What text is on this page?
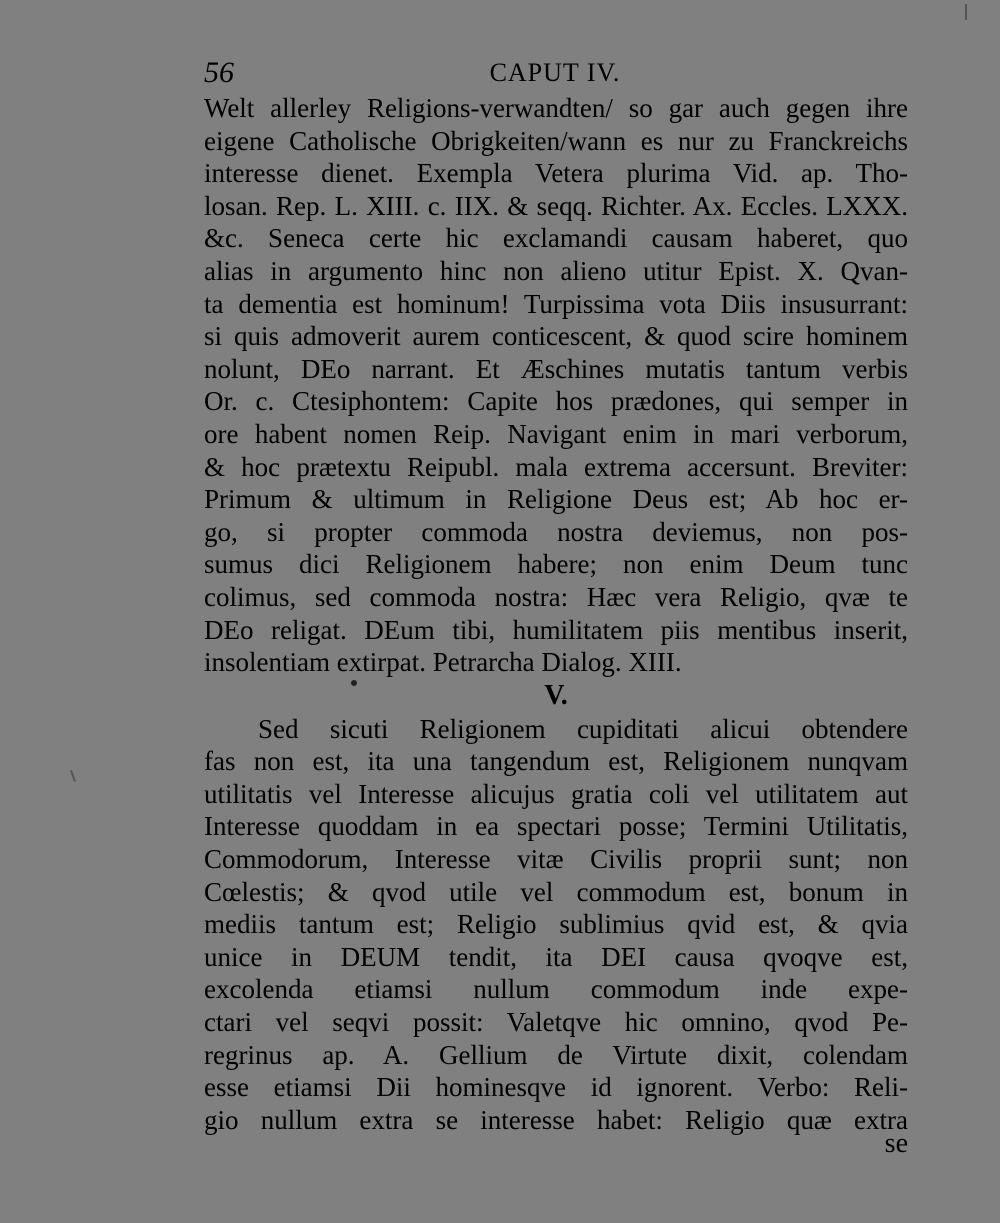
56	CAPUT IV.
Welt allerley Religions-verwandten/ so gar auch gegen ihre
eigene Catholische Obrigkeiten/wann es nur zu Franckreichs
interesse dienet. Exempla Vetera plurima Vid. ap. Tho-
losan. Rep. L. XIII. c. IIX. & seqq. Richter. Ax. Eccles. LXXX.
&c. Seneca certe hic exclamandi causam haberet, quo
alias in argumento hinc non alieno utitur Epist. X. Qvan-
ta dementia est hominum! Turpissima vota Diis insusurrant:
si quis admoverit aurem conticescent, & quod scire hominem
nolunt, DEo narrant. Et Æschines mutatis tantum verbis
Or. c. Ctesiphontem: Capite hos prædones, qui semper in
ore habent nomen Reip. Navigant enim in mari verborum,
& hoc prætextu Reipubl. mala extrema accersunt. Breviter:
Primum & ultimum in Religione Deus est; Ab hoc er-
go, si propter commoda nostra deviemus, non pos-
sumus dici Religionem habere; non enim Deum tunc
colimus, sed commoda nostra: Hæc vera Religio, qvæ te
DEo religat. DEum tibi, humilitatem piis mentibus inserit,
insolentiam extirpat. Petrarcha Dialog. XIII.
V.
Sed sicuti Religionem cupiditati alicui obtendere
fas non est, ita una tangendum est, Religionem nunqvam
utilitatis vel Interesse alicujus gratia coli vel utilitatem aut
Interesse quoddam in ea spectari posse; Termini Utilitatis,
Commodorum, Interesse vitæ Civilis proprii sunt; non
Cœlestis; & qvod utile vel commodum est, bonum in
mediis tantum est; Religio sublimius qvid est, & qvia
unice in DEUM tendit, ita DEI causa qvoqve est,
excolenda etiamsi nullum commodum inde expe-
ctari vel seqvi possit: Valetqve hic omnino, qvod Pe-
regrinus ap. A. Gellium de Virtute dixit, colendam
esse etiamsi Dii hominesqve id ignorent. Verbo: Reli-
gio nullum extra se interesse habet: Religio quæ extra
se
